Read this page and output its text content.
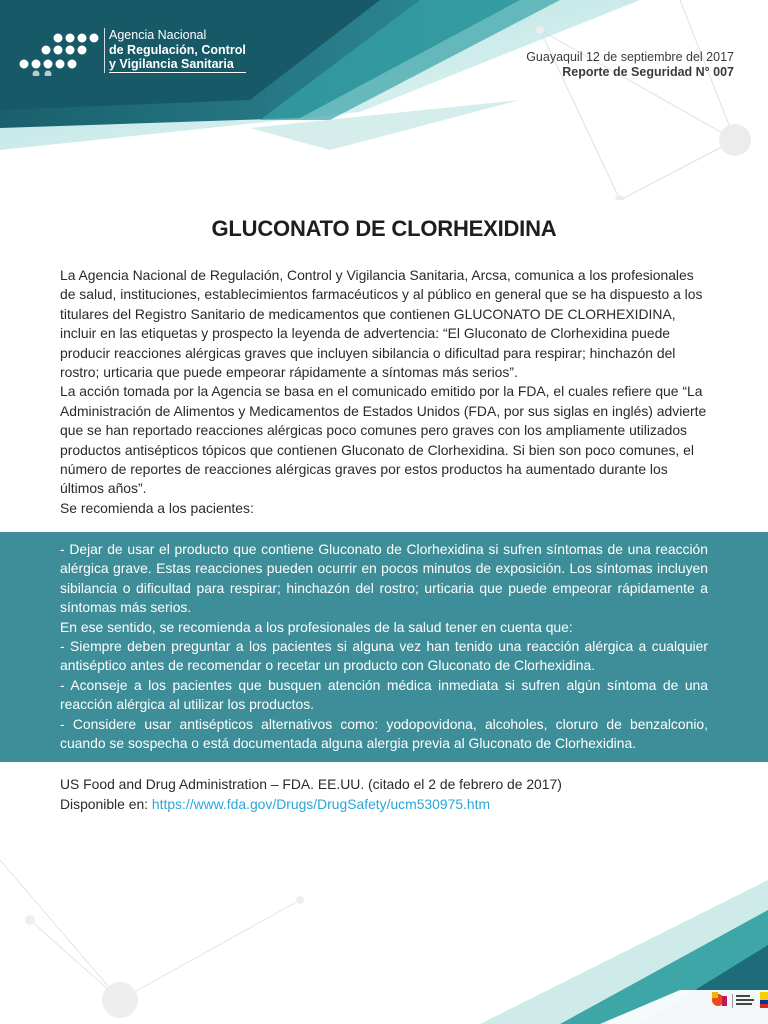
Agencia Nacional
de Regulación, Control
y Vigilancia Sanitaria	Guayaquil 12 de septiembre del 2017
Reporte de Seguridad N° 007
GLUCONATO DE CLORHEXIDINA

La Agencia Nacional de Regulación, Control y Vigilancia Sanitaria, Arcsa, comunica a los profesionales de salud, instituciones, establecimientos farmacéuticos y al público en general que se ha dispuesto a los titulares del Registro Sanitario de medicamentos que contienen GLUCONATO DE CLORHEXIDINA, incluir en las etiquetas y prospecto la leyenda de advertencia: “El Gluconato de Clorhexidina puede producir reacciones alérgicas graves que incluyen sibilancia o dificultad para respirar; hinchazón del rostro; urticaria que puede empeorar rápidamente a síntomas más serios”.

La acción tomada por la Agencia se basa en el comunicado emitido por la FDA, el cuales refiere que “La Administración de Alimentos y Medicamentos de Estados Unidos (FDA, por sus siglas en inglés) advierte que se han reportado reacciones alérgicas poco comunes pero graves con los ampliamente utilizados productos antisépticos tópicos que contienen Gluconato de Clorhexidina. Si bien son poco comunes, el número de reportes de reacciones alérgicas graves por estos productos ha aumentado durante los últimos años”.

Se recomienda a los pacientes:

- Dejar de usar el producto que contiene Gluconato de Clorhexidina si sufren síntomas de una reacción alérgica grave. Estas reacciones pueden ocurrir en pocos minutos de exposición. Los síntomas incluyen sibilancia o dificultad para respirar; hinchazón del rostro; urticaria que puede empeorar rápidamente a síntomas más serios.

En ese sentido, se recomienda a los profesionales de la salud tener en cuenta que:

- Siempre deben preguntar a los pacientes si alguna vez han tenido una reacción alérgica a cualquier antiséptico antes de recomendar o recetar un producto con Gluconato de Clorhexidina.

- Aconseje a los pacientes que busquen atención médica inmediata si sufren algún síntoma de una reacción alérgica al utilizar los productos.

- Considere usar antisépticos alternativos como: yodopovidona, alcoholes, cloruro de benzalconio, cuando se sospecha o está documentada alguna alergia previa al Gluconato de Clorhexidina.

US Food and Drug Administration – FDA. EE.UU. (citado el 2 de febrero de 2017)
Disponible en: https://www.fda.gov/Drugs/DrugSafety/ucm530975.htm
